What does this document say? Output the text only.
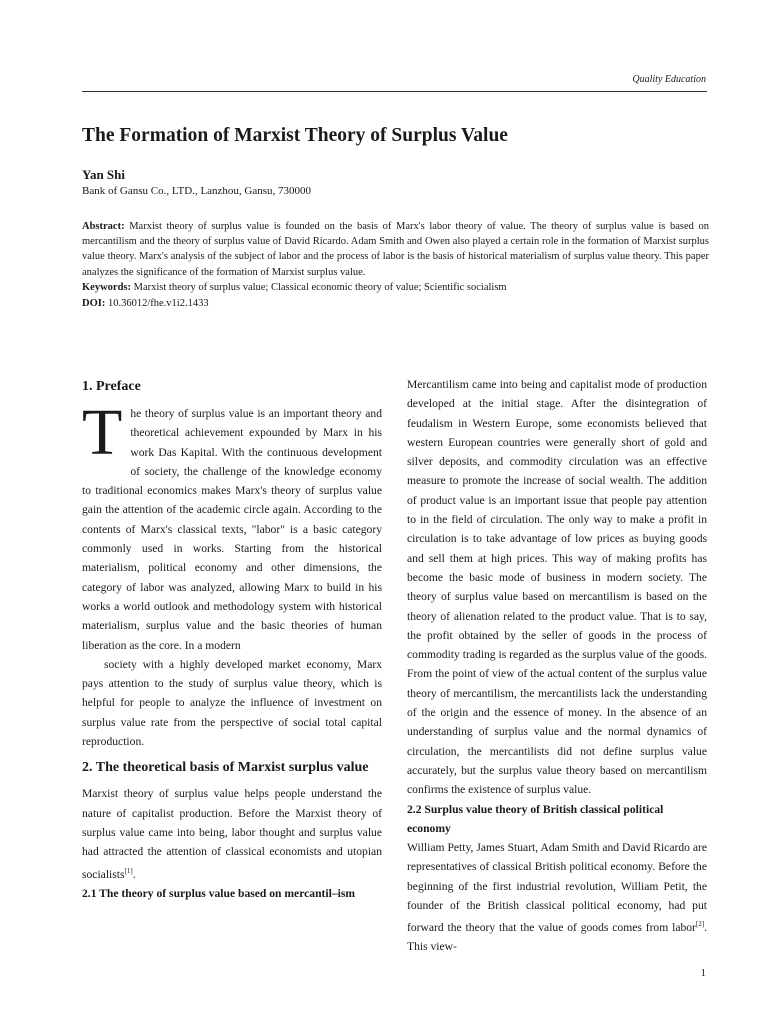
Quality Education
The Formation of Marxist Theory of Surplus Value
Yan Shi
Bank of Gansu Co., LTD., Lanzhou, Gansu, 730000

Abstract: Marxist theory of surplus value is founded on the basis of Marx's labor theory of value. The theory of surplus value is based on mercantilism and the theory of surplus value of David Ricardo. Adam Smith and Owen also played a certain role in the formation of Marxist surplus value theory. Marx's analysis of the subject of labor and the process of labor is the basis of historical materialism of surplus value theory. This paper analyzes the significance of the formation of Marxist surplus value.

Keywords: Marxist theory of surplus value; Classical economic theory of value; Scientific socialism
DOI: 10.36012/fhe.v1i2.1433
1. Preface

The theory of surplus value is an important theory and theoretical achievement expounded by Marx in his work Das Kapital. With the continuous development of society, the challenge of the knowledge economy to traditional economics makes Marx's theory of surplus value gain the attention of the academic circle again. According to the contents of Marx's classical texts, "labor" is a basic category commonly used in works. Starting from the historical materialism, political economy and other dimensions, the category of labor was analyzed, allowing Marx to build in his works a world outlook and methodology system with historical materialism, surplus value and the basic theories of human liberation as the core. In a modern

society with a highly developed market economy, Marx pays attention to the study of surplus value theory, which is helpful for people to analyze the influence of investment on surplus value rate from the perspective of social total capital reproduction.

2. The theoretical basis of Marxist surplus value

Marxist theory of surplus value helps people understand the nature of capitalist production. Before the Marxist theory of surplus value came into being, labor thought and surplus value had attracted the attention of classical economists and utopian socialists[1].

2.1 The theory of surplus value based on mercantil–ism

Mercantilism came into being and capitalist mode of production developed at the initial stage. After the disintegration of feudalism in Western Europe, some economists believed that western European countries were generally short of gold and silver deposits, and commodity circulation was an effective measure to promote the increase of social wealth. The addition of product value is an important issue that people pay attention to in the field of circulation. The only way to make a profit in circulation is to take advantage of low prices as buying goods and sell them at high prices. This way of making profits has become the basic mode of business in modern society. The theory of surplus value based on mercantilism is based on the theory of alienation related to the product value. That is to say, the profit obtained by the seller of goods in the process of commodity trading is regarded as the surplus value of the goods. From the point of view of the actual content of the surplus value theory of mercantilism, the mercantilists lack the understanding of the origin and the essence of money. In the absence of an understanding of surplus value and the normal dynamics of circulation, the mercantilists did not define surplus value accurately, but the surplus value theory based on mercantilism confirms the existence of surplus value.

2.2 Surplus value theory of British classical political economy

William Petty, James Stuart, Adam Smith and David Ricardo are representatives of classical British political economy. Before the beginning of the first industrial revolution, William Petit, the founder of the British classical political economy, had put forward the theory that the value of goods comes from labor[2]. This view-

1
